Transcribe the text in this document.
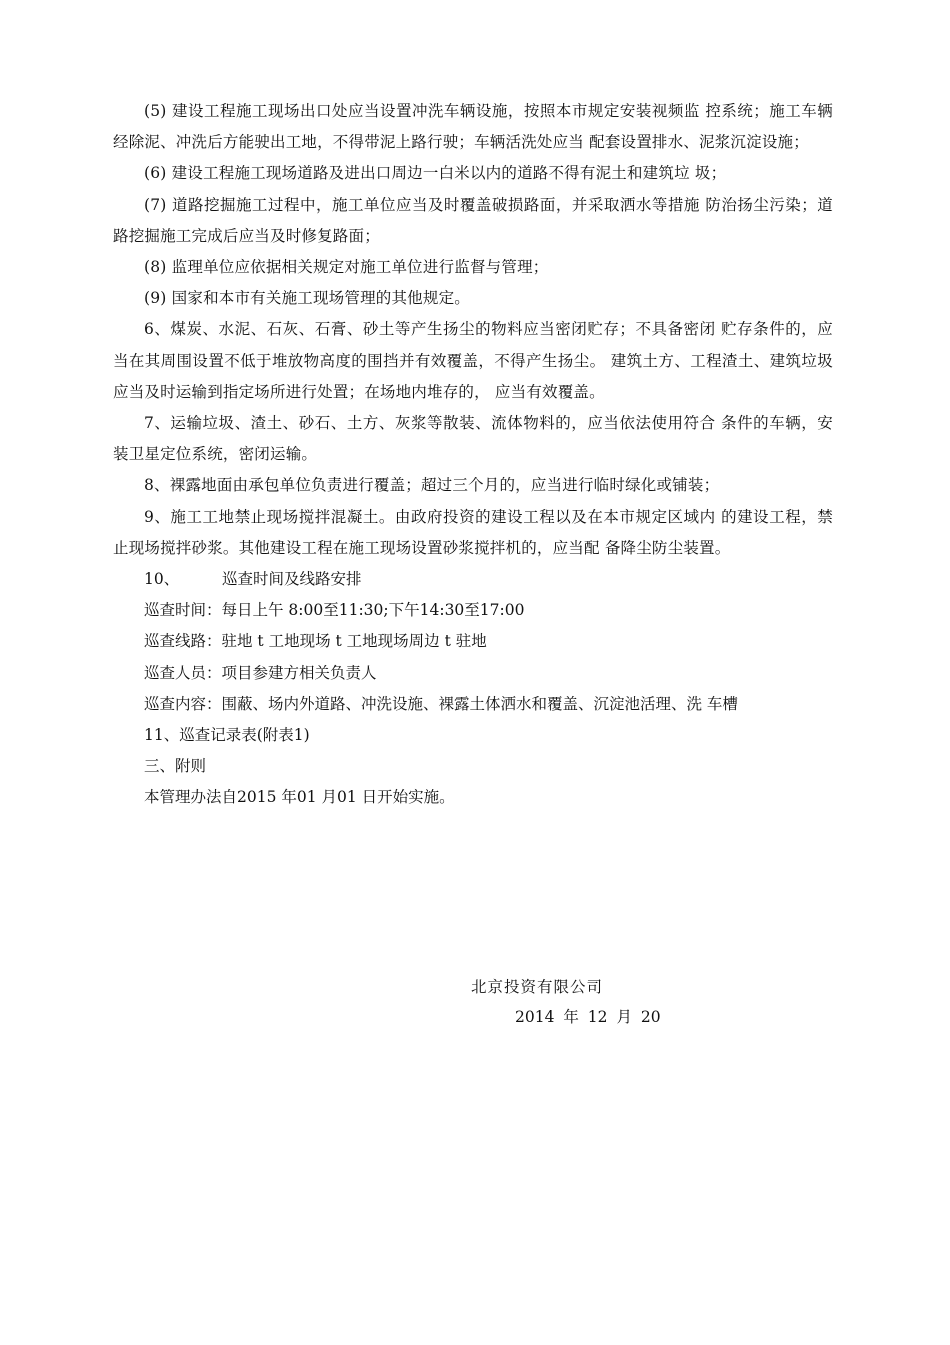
(5) 建设工程施工现场出口处应当设置冲洗车辆设施，按照本市规定安装视频监 控系统；施工车辆经除泥、冲洗后方能驶出工地，不得带泥上路行驶；车辆活洗处应当 配套设置排水、泥浆沉淀设施；

(6) 建设工程施工现场道路及进出口周边一白米以内的道路不得有泥土和建筑垃 圾；

(7) 道路挖掘施工过程中，施工单位应当及时覆盖破损路面，并采取洒水等措施 防治扬尘污染；道路挖掘施工完成后应当及时修复路面；

(8) 监理单位应依据相关规定对施工单位进行监督与管理；

(9) 国家和本市有关施工现场管理的其他规定。

6、煤炭、水泥、石灰、石膏、砂土等产生扬尘的物料应当密闭贮存；不具备密闭 贮存条件的，应当在其周围设置不低于堆放物高度的围挡并有效覆盖，不得产生扬尘。 建筑土方、工程渣土、建筑垃圾应当及时运输到指定场所进行处置；在场地内堆存的， 应当有效覆盖。

7、运输垃圾、渣土、砂石、土方、灰浆等散装、流体物料的，应当依法使用符合 条件的车辆，安装卫星定位系统，密闭运输。

8、裸露地面由承包单位负责进行覆盖；超过三个月的，应当进行临时绿化或铺装；

9、施工工地禁止现场搅拌混凝土。由政府投资的建设工程以及在本市规定区域内 的建设工程，禁止现场搅拌砂浆。其他建设工程在施工现场设置砂浆搅拌机的，应当配 备降尘防尘装置。

10、	巡查时间及线路安排

巡查时间：每日上午 8:00至11:30;下午14:30至17:00

巡查线路：驻地 t 工地现场 t 工地现场周边 t 驻地

巡查人员：项目参建方相关负责人

巡查内容：围蔽、场内外道路、冲洗设施、裸露土体洒水和覆盖、沉淀池活理、洗 车槽

11、巡查记录表(附表1)

三、附则

本管理办法自2015 年01 月01 日开始实施。

北京投资有限公司

2014 年 12 月 20
